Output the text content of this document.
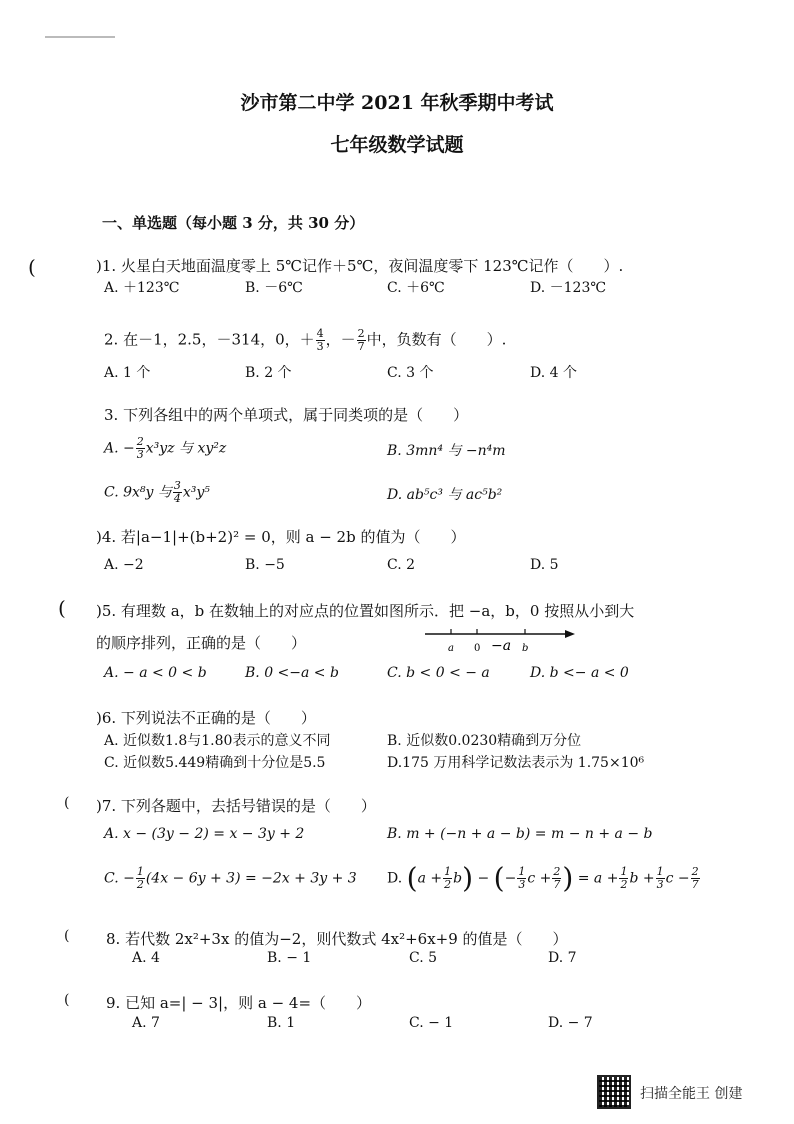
沙市第二中学 2021 年秋季期中考试
七年级数学试题
一、单选题（每小题 3 分，共 30 分）
(	)1. 火星白天地面温度零上 5℃记作＋5℃，夜间温度零下 123℃记作（　　）.
A. ＋123℃	B. －6℃	C. ＋6℃	D. －123℃
2. 在－1，2.5，－314，0，＋ $\frac{4}{3}$ ，－ $\frac{2}{7}$ 中，负数有（　　）.
A. 1 个	B. 2 个	C. 3 个	D. 4 个
3. 下列各组中的两个单项式，属于同类项的是（　　）
A. − $\frac{2}{3} x^3yz$ 与 xy²z	B. 3mn⁴ 与 −n⁴m
C. 9x⁸y 与 $\frac{3}{4} x^3y^5$	D. ab⁵c³ 与 ac⁵b²
)4. 若|a−1|+(b+2)² = 0，则 a − 2b 的值为（　　）
A. −2	B. −5	C. 2	D. 5
( )5. 有理数 a，b 在数轴上的对应点的位置如图所示．把 −a，b，0 按照从小到大
的顺序排列，正确的是（　　）	a 0 −a b
A. − a < 0 < b	B. 0 <−a < b	C. b < 0 < − a	D. b <− a < 0
)6. 下列说法不正确的是（　　）
A. 近似数1.8与1.80表示的意义不同	B. 近似数0.0230精确到万分位
C. 近似数5.449精确到十分位是5.5	D.175 万用科学记数法表示为 1.75×10⁶
( )7. 下列各题中，去括号错误的是（　　）
A. x − (3y − 2) = x − 3y + 2	B. m + (−n + a − b) = m − n + a − b
C. − $\frac{1}{2} (4x - 6y + 3) = -2x + 3y + 3$ D. $(a + \frac{1}{2} b)$ − (− $\frac{1}{3}$ $c + \frac{2}{7}$ ) = $a + \frac{1}{2}$ $b + \frac{1}{3}$ $c - \frac{2}{7}$
( 8. 若代数 2x²+3x 的值为−2，则代数式 4x²+6x+9 的值是（　　）
A. 4	B. − 1	C. 5	D. 7
( 9. 已知 a=| − 3|，则 a − 4=（　　）
A. 7	B. 1	C. − 1	D. − 7
扫描全能王 创建
